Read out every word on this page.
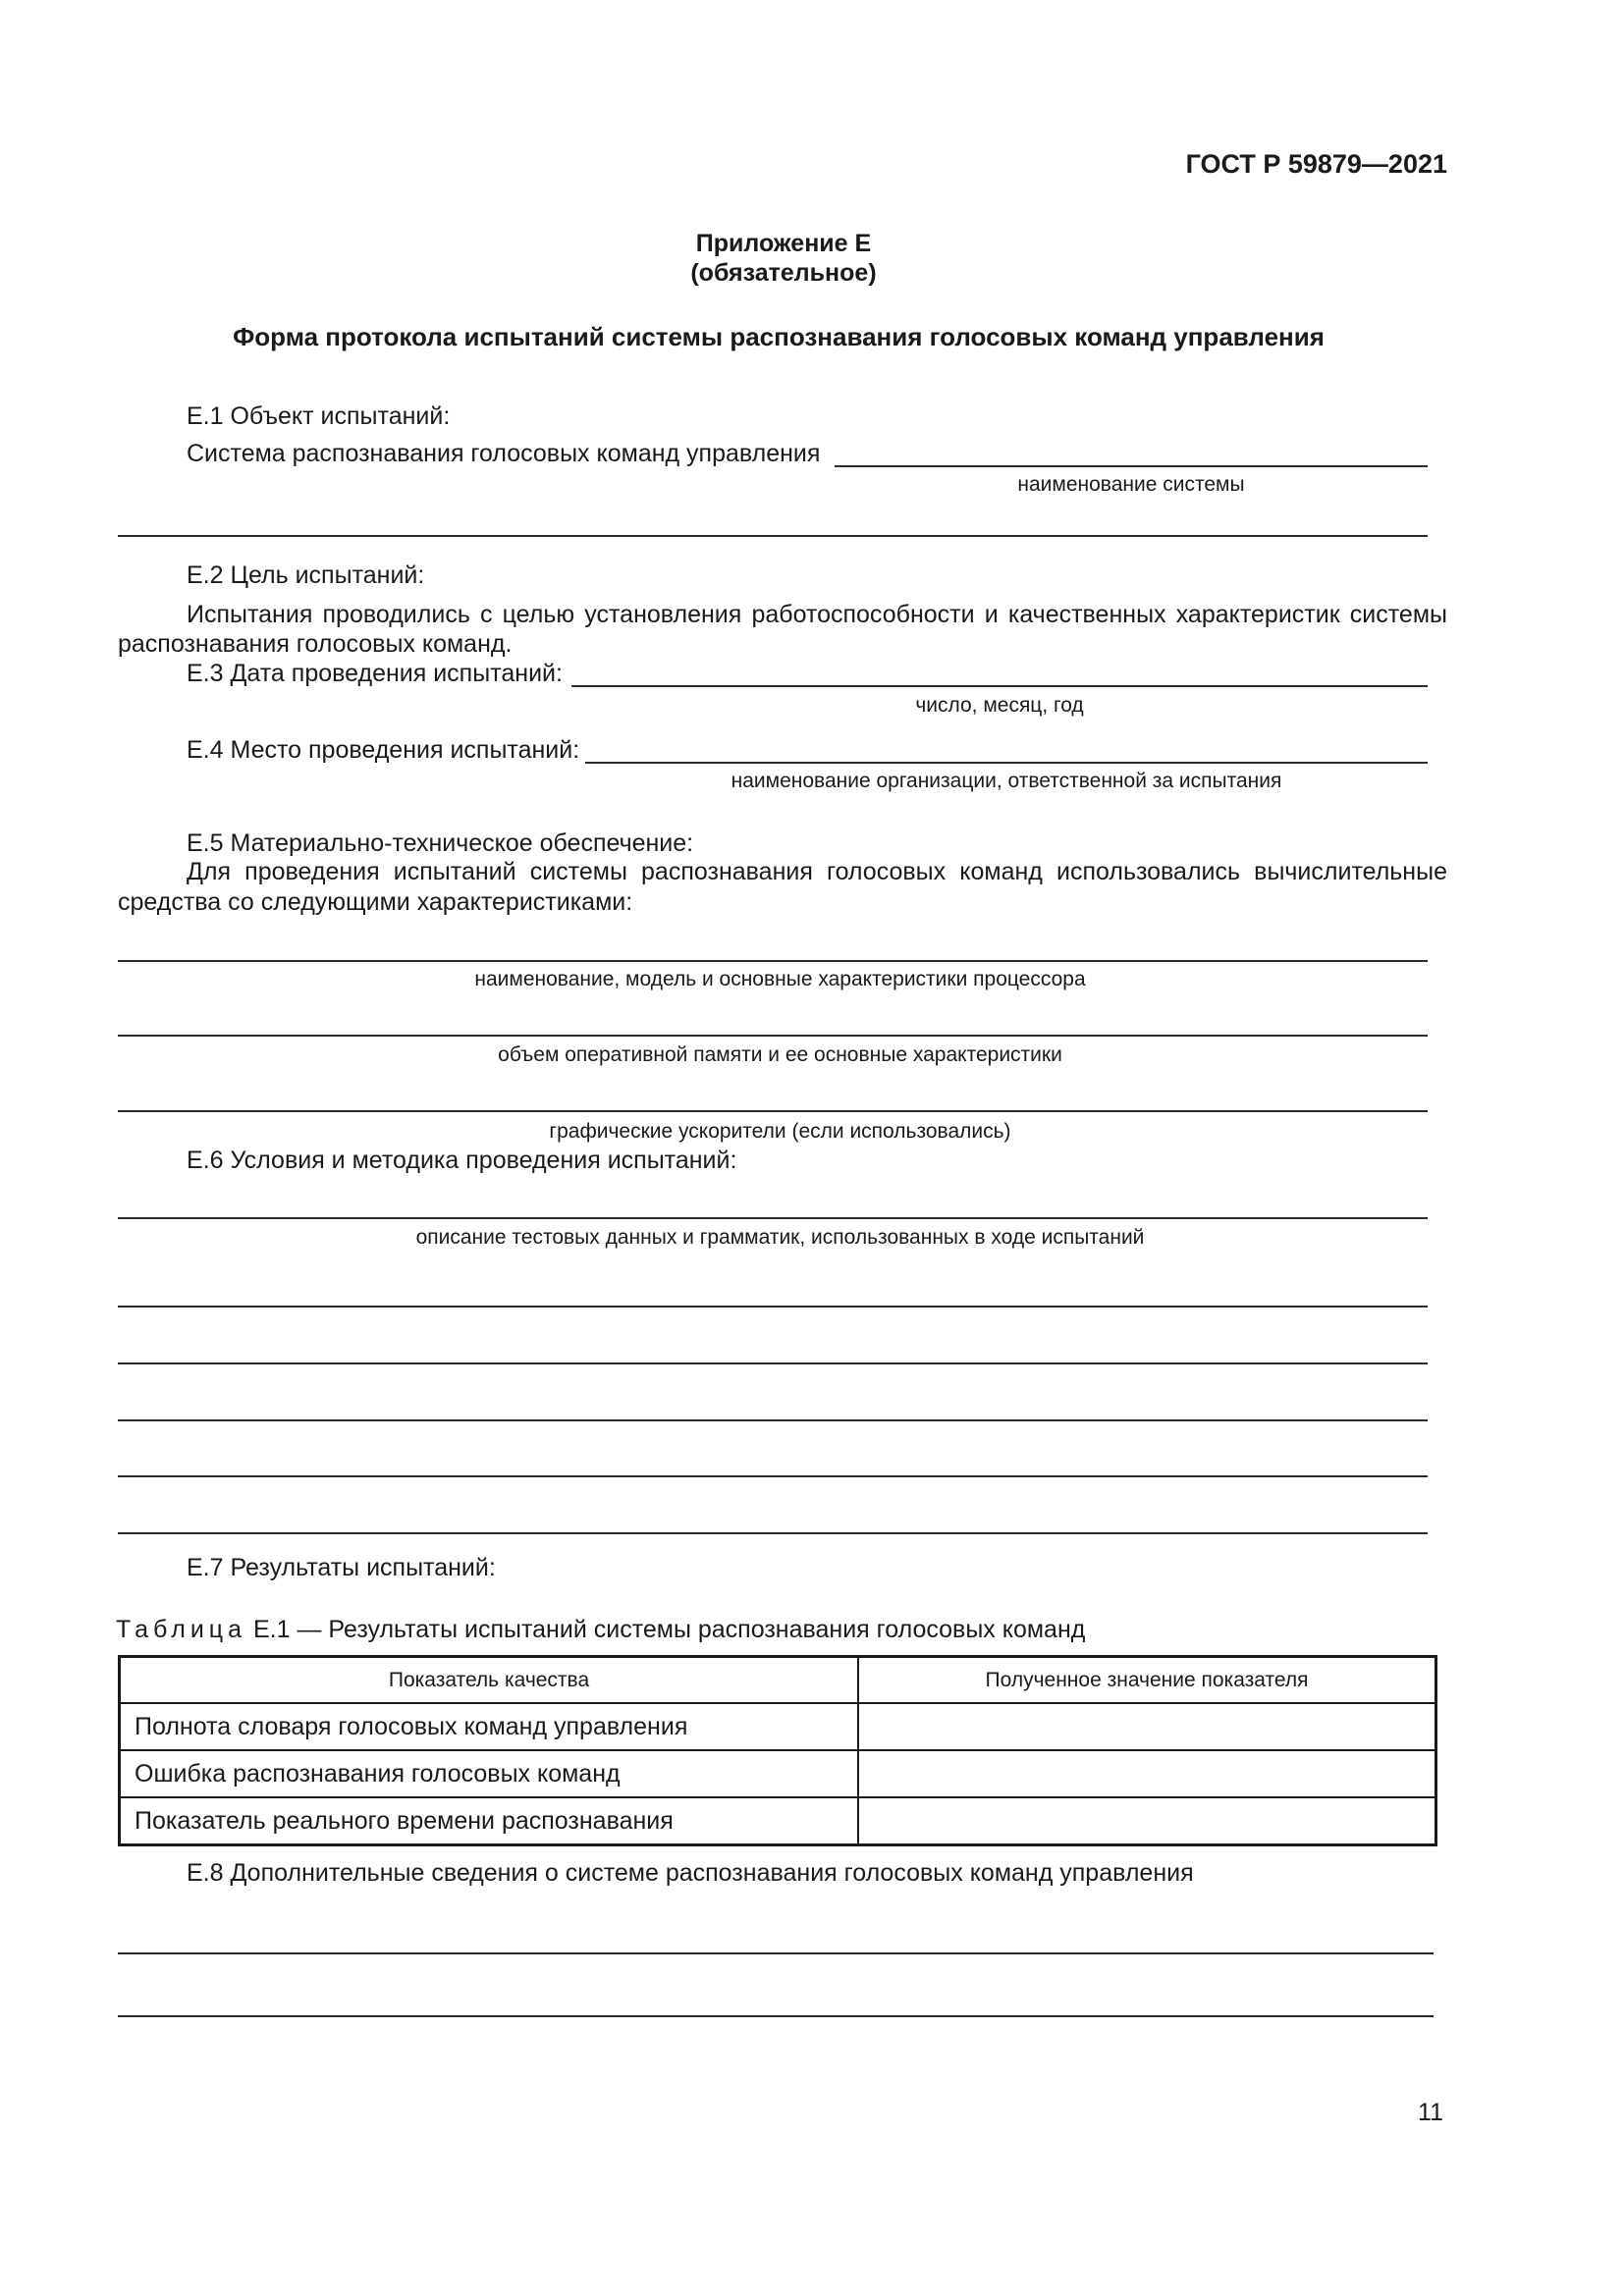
ГОСТ Р 59879—2021
Приложение Е
(обязательное)
Форма протокола испытаний системы распознавания голосовых команд управления
Е.1 Объект испытаний:
Система распознавания голосовых команд управления
наименование системы
Е.2 Цель испытаний:
Испытания проводились с целью установления работоспособности и качественных характеристик системы
распознавания голосовых команд.
Е.3 Дата проведения испытаний:
число, месяц, год
Е.4 Место проведения испытаний:
наименование организации, ответственной за испытания
Е.5 Материально-техническое обеспечение:
Для проведения испытаний системы распознавания голосовых команд использовались вычислительные
средства со следующими характеристиками:
наименование, модель и основные характеристики процессора
объем оперативной памяти и ее основные характеристики
графические ускорители (если использовались)
Е.6 Условия и методика проведения испытаний:
описание тестовых данных и грамматик, использованных в ходе испытаний
Е.7 Результаты испытаний:
Таблица Е.1 — Результаты испытаний системы распознавания голосовых команд
Показатель качества	Полученное значение показателя
Полнота словаря голосовых команд управления	
Ошибка распознавания голосовых команд	
Показатель реального времени распознавания	
Е.8 Дополнительные сведения о системе распознавания голосовых команд управления
11
